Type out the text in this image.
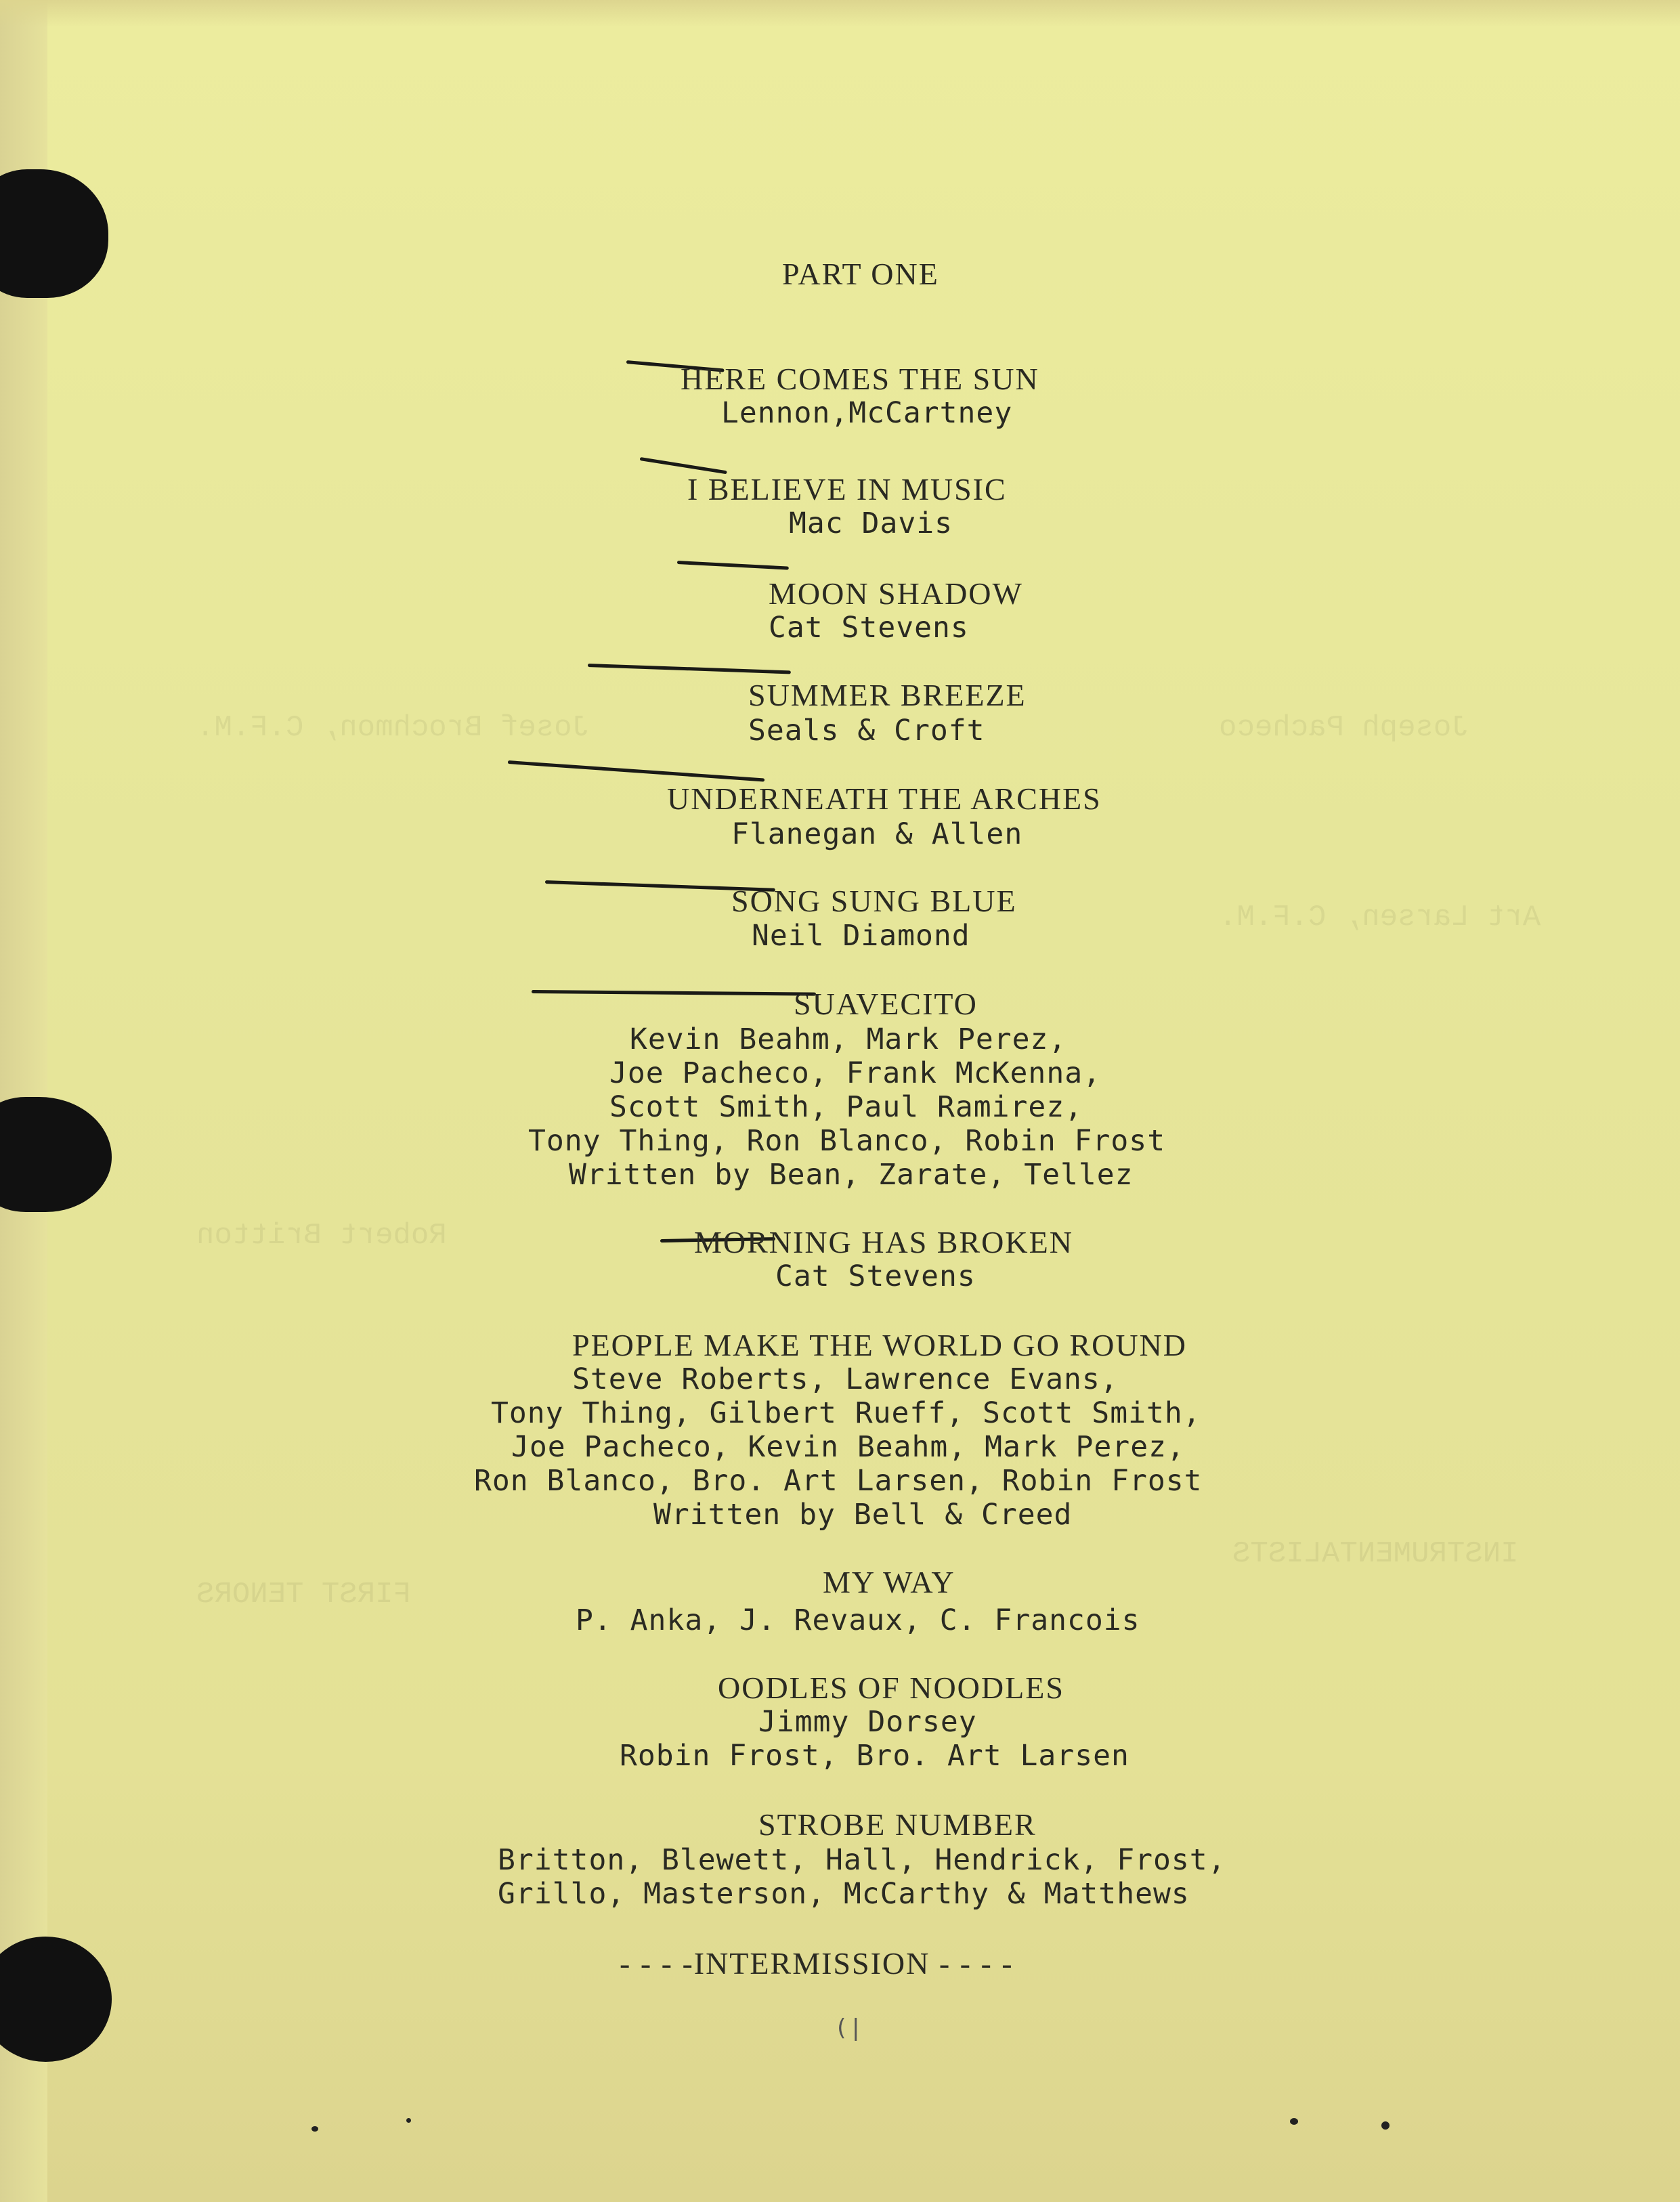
Josef Brochmon, C.F.M.	Joseph Pacheco
Art Larsen, C.F.M.
Robert Britton
FIRST TENORS
INSTRUMENTALISTS
PART ONE
HERE COMES THE SUN
Lennon,McCartney
I BELIEVE IN MUSIC
Mac Davis
MOON SHADOW
Cat Stevens
SUMMER BREEZE
Seals & Croft
UNDERNEATH THE ARCHES
Flanegan & Allen
SONG SUNG BLUE
Neil Diamond
SUAVECITO
Kevin Beahm, Mark Perez,
Joe Pacheco, Frank McKenna,
Scott Smith, Paul Ramirez,
Tony Thing, Ron Blanco, Robin Frost
Written by Bean, Zarate, Tellez
MORNING HAS BROKEN
Cat Stevens
PEOPLE MAKE THE WORLD GO ROUND
Steve Roberts, Lawrence Evans,
Tony Thing, Gilbert Rueff, Scott Smith,
Joe Pacheco, Kevin Beahm, Mark Perez,
Ron Blanco, Bro. Art Larsen, Robin Frost
Written by Bell & Creed
MY WAY
P. Anka, J. Revaux, C. Francois
OODLES OF NOODLES
Jimmy Dorsey
Robin Frost, Bro. Art Larsen
STROBE NUMBER
Britton, Blewett, Hall, Hendrick, Frost,
Grillo, Masterson, McCarthy & Matthews
- - - -INTERMISSION - - - -
(|
